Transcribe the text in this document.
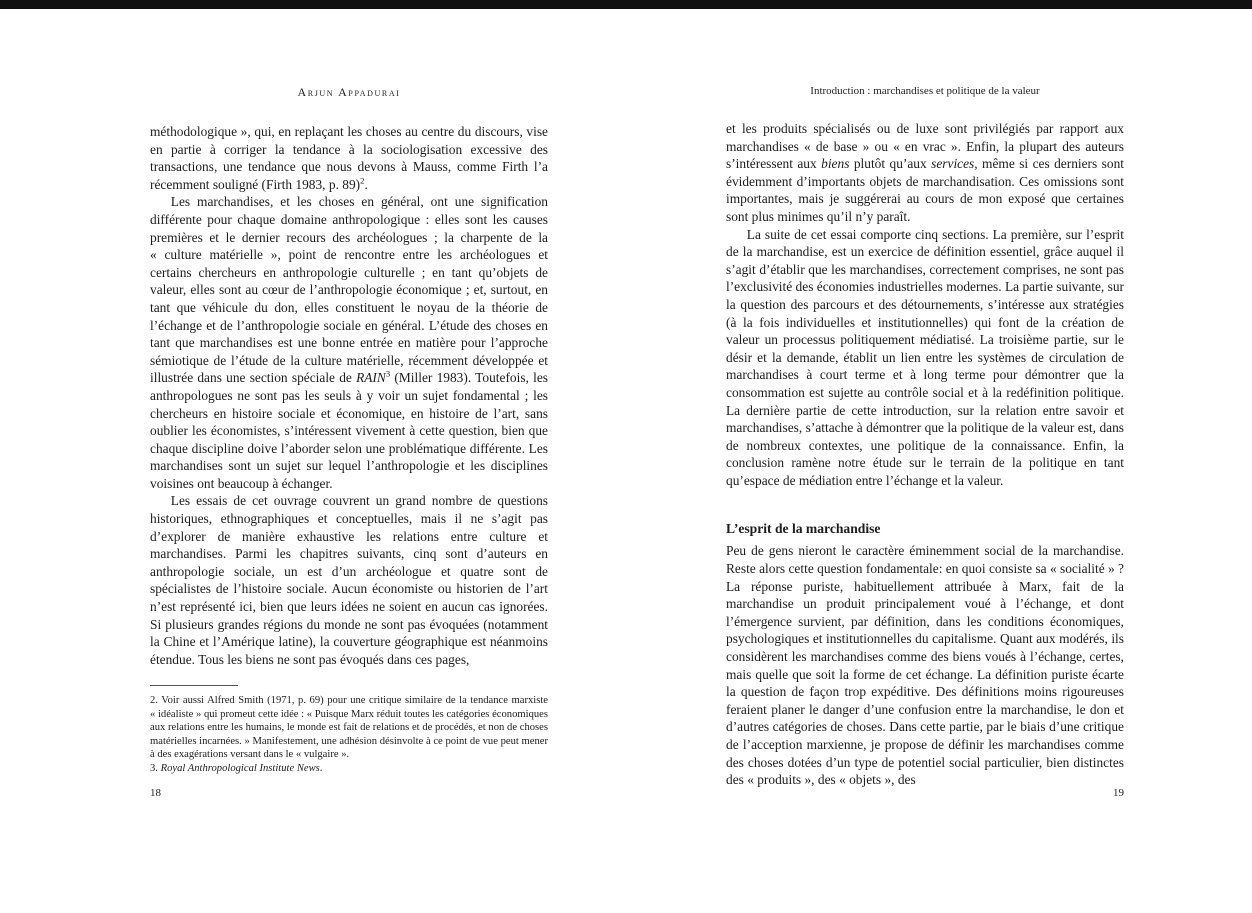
Arjun Appadurai

méthodologique », qui, en replaçant les choses au centre du discours, vise en partie à corriger la tendance à la sociologisation excessive des transactions, une tendance que nous devons à Mauss, comme Firth l’a récemment souligné (Firth 1983, p. 89)$^2$.

Les marchandises, et les choses en général, ont une signification différente pour chaque domaine anthropologique : elles sont les causes premières et le dernier recours des archéologues ; la charpente de la « culture matérielle », point de rencontre entre les archéologues et certains chercheurs en anthropologie culturelle ; en tant qu’objets de valeur, elles sont au cœur de l’anthropologie économique ; et, surtout, en tant que véhicule du don, elles constituent le noyau de la théorie de l’échange et de l’anthropologie sociale en général. L’étude des choses en tant que marchandises est une bonne entrée en matière pour l’approche sémiotique de l’étude de la culture matérielle, récemment développée et illustrée dans une section spéciale de RAIN$^3$ (Miller 1983). Toutefois, les anthropologues ne sont pas les seuls à y voir un sujet fondamental ; les chercheurs en histoire sociale et économique, en histoire de l’art, sans oublier les économistes, s’intéressent vivement à cette question, bien que chaque discipline doive l’aborder selon une problématique différente. Les marchandises sont un sujet sur lequel l’anthropologie et les disciplines voisines ont beaucoup à échanger.

Les essais de cet ouvrage couvrent un grand nombre de questions historiques, ethnographiques et conceptuelles, mais il ne s’agit pas d’explorer de manière exhaustive les relations entre culture et marchandises. Parmi les chapitres suivants, cinq sont d’auteurs en anthropologie sociale, un est d’un archéologue et quatre sont de spécialistes de l’histoire sociale. Aucun économiste ou historien de l’art n’est représenté ici, bien que leurs idées ne soient en aucun cas ignorées. Si plusieurs grandes régions du monde ne sont pas évoquées (notamment la Chine et l’Amérique latine), la couverture géographique est néanmoins étendue. Tous les biens ne sont pas évoqués dans ces pages,

2. Voir aussi Alfred Smith (1971, p. 69) pour une critique similaire de la tendance marxiste « idéaliste » qui promeut cette idée : « Puisque Marx réduit toutes les catégories économiques aux relations entre les humains, le monde est fait de relations et de procédés, et non de choses matérielles incarnées. » Manifestement, une adhésion désinvolte à ce point de vue peut mener à des exagérations versant dans le « vulgaire ».

3. Royal Anthropological Institute News.

18
Introduction : marchandises et politique de la valeur

et les produits spécialisés ou de luxe sont privilégiés par rapport aux marchandises « de base » ou « en vrac ». Enfin, la plupart des auteurs s’intéressent aux biens plutôt qu’aux services, même si ces derniers sont évidemment d’importants objets de marchandisation. Ces omissions sont importantes, mais je suggérerai au cours de mon exposé que certaines sont plus minimes qu’il n’y paraît.

La suite de cet essai comporte cinq sections. La première, sur l’esprit de la marchandise, est un exercice de définition essentiel, grâce auquel il s’agit d’établir que les marchandises, correctement comprises, ne sont pas l’exclusivité des économies industrielles modernes. La partie suivante, sur la question des parcours et des détournements, s’intéresse aux stratégies (à la fois individuelles et institutionnelles) qui font de la création de valeur un processus politiquement médiatisé. La troisième partie, sur le désir et la demande, établit un lien entre les systèmes de circulation de marchandises à court terme et à long terme pour démontrer que la consommation est sujette au contrôle social et à la redéfinition politique. La dernière partie de cette introduction, sur la relation entre savoir et marchandises, s’attache à démontrer que la politique de la valeur est, dans de nombreux contextes, une politique de la connaissance. Enfin, la conclusion ramène notre étude sur le terrain de la politique en tant qu’espace de médiation entre l’échange et la valeur.

L’esprit de la marchandise

Peu de gens nieront le caractère éminemment social de la marchandise. Reste alors cette question fondamentale: en quoi consiste sa « socialité » ? La réponse puriste, habituellement attribuée à Marx, fait de la marchandise un produit principalement voué à l’échange, et dont l’émergence survient, par définition, dans les conditions économiques, psychologiques et institutionnelles du capitalisme. Quant aux modérés, ils considèrent les marchandises comme des biens voués à l’échange, certes, mais quelle que soit la forme de cet échange. La définition puriste écarte la question de façon trop expéditive. Des définitions moins rigoureuses feraient planer le danger d’une confusion entre la marchandise, le don et d’autres catégories de choses. Dans cette partie, par le biais d’une critique de l’acception marxienne, je propose de définir les marchandises comme des choses dotées d’un type de potentiel social particulier, bien distinctes des « produits », des « objets », des

19
